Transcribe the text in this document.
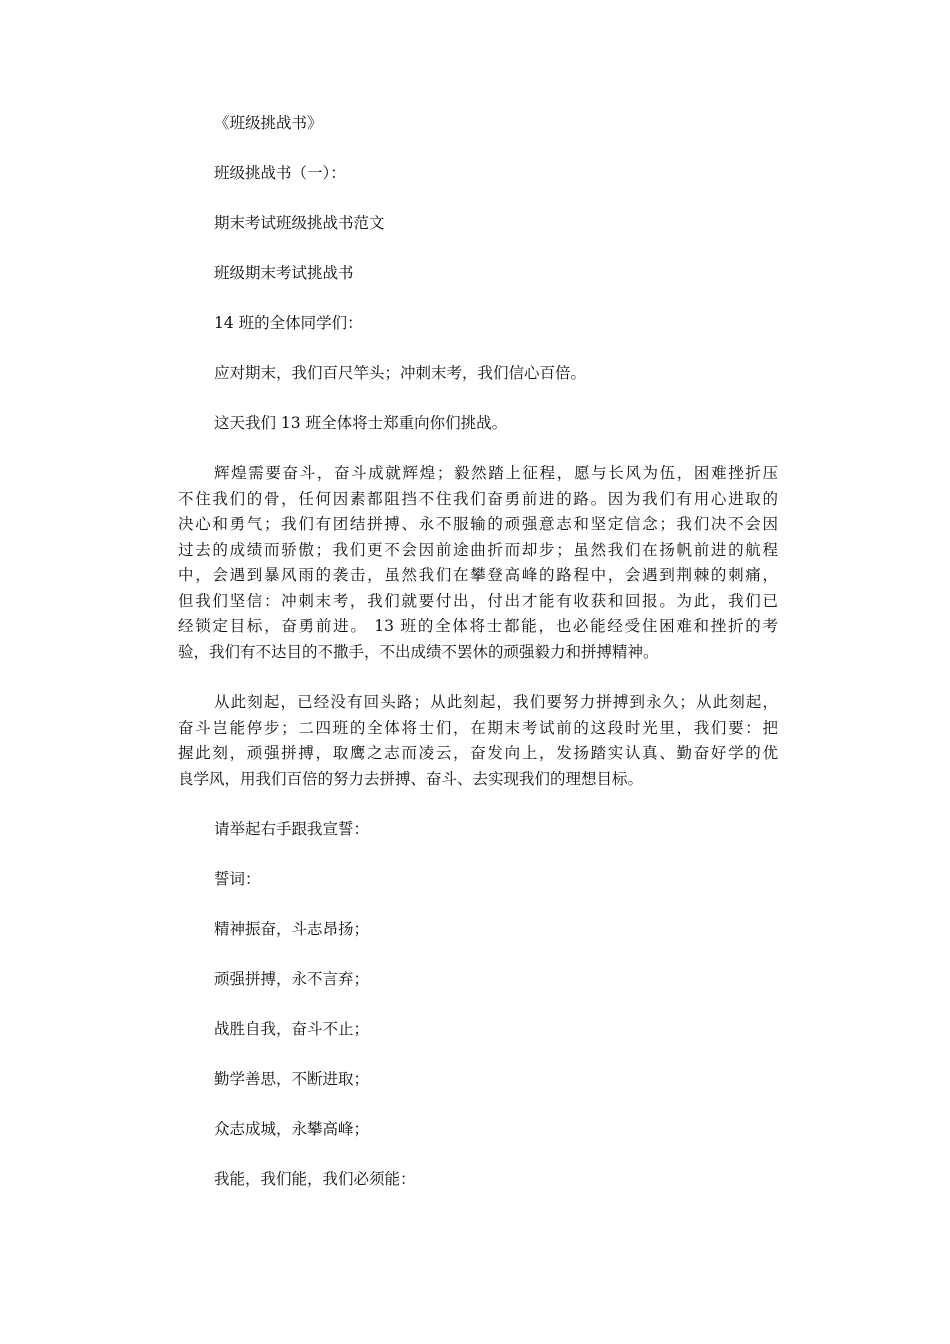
《班级挑战书》
班级挑战书（一）：
期末考试班级挑战书范文
班级期末考试挑战书
14 班的全体同学们：
应对期末，我们百尺竿头；冲刺末考，我们信心百倍。
这天我们 13 班全体将士郑重向你们挑战。
辉煌需要奋斗，奋斗成就辉煌；毅然踏上征程，愿与长风为伍，困难挫折压
不住我们的骨，任何因素都阻挡不住我们奋勇前进的路。因为我们有用心进取的
决心和勇气；我们有团结拼搏、永不服输的顽强意志和坚定信念；我们决不会因
过去的成绩而骄傲；我们更不会因前途曲折而却步；虽然我们在扬帆前进的航程
中，会遇到暴风雨的袭击，虽然我们在攀登高峰的路程中，会遇到荆棘的刺痛，
但我们坚信：冲刺末考，我们就要付出，付出才能有收获和回报。为此，我们已
经锁定目标，奋勇前进。 13 班的全体将士都能，也必能经受住困难和挫折的考
验，我们有不达目的不撒手，不出成绩不罢休的顽强毅力和拼搏精神。
从此刻起，已经没有回头路；从此刻起，我们要努力拼搏到永久；从此刻起，
奋斗岂能停步；二四班的全体将士们，在期末考试前的这段时光里，我们要：把
握此刻，顽强拼搏，取鹰之志而凌云，奋发向上，发扬踏实认真、勤奋好学的优
良学风，用我们百倍的努力去拼搏、奋斗、去实现我们的理想目标。
请举起右手跟我宣誓：
誓词：
精神振奋，斗志昂扬；
顽强拼搏，永不言弃；
战胜自我，奋斗不止；
勤学善思，不断进取；
众志成城，永攀高峰；
我能，我们能，我们必须能：
